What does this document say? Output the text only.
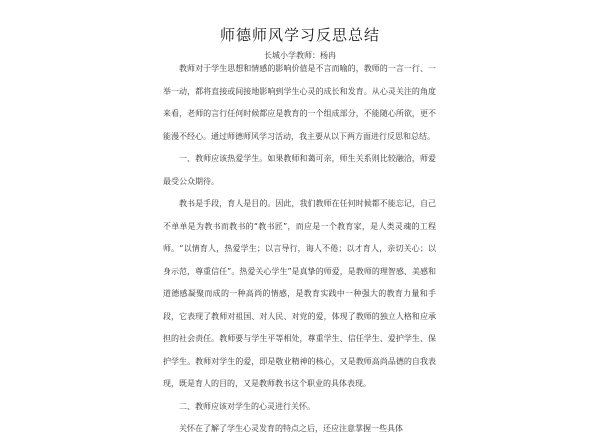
师德师风学习反思总结
长城小学教师：杨冉

教师对于学生思想和情感的影响价值是不言而喻的，教师的一言一行、一举一动，都将直接或间接地影响到学生心灵的成长和发育。从心灵关注的角度来看，老师的言行任何时候都应是教育的一个组成部分，不能随心所欲，更不能漫不经心。通过师德师风学习活动，我主要从以下两方面进行反思和总结。

一、教师应该热爱学生。如果教师和蔼可亲，师生关系则比较融洽，师爱最受公众期待。

教书是手段，育人是目的。因此，我们教师在任何时候都不能忘记，自己不单单是为教书而教书的“教书匠”，而应是一个教育家，是人类灵魂的工程师。“以情育人，热爱学生；以言导行，诲人不倦；以才育人，亲切关心；以身示范，尊重信任”。热爱关心学生”是真挚的师爱，是教师的理智感、美感和道德感凝聚而成的一种高尚的情感，是教育实践中一种强大的教育力量和手段，它表现了教师对祖国、对人民、对党的爱，体现了教师的独立人格和应承担的社会责任。教师要与学生平等相处，尊重学生、信任学生、爱护学生、保护学生。教师对学生的爱，即是敬业精神的核心，又是教师高尚品德的自我表现，既是育人的目的，又是教师教书这个职业的具体表现。

二、教师应该对学生的心灵进行关怀。

关怀在了解了学生心灵发育的特点之后，还应注意掌握一些具体
